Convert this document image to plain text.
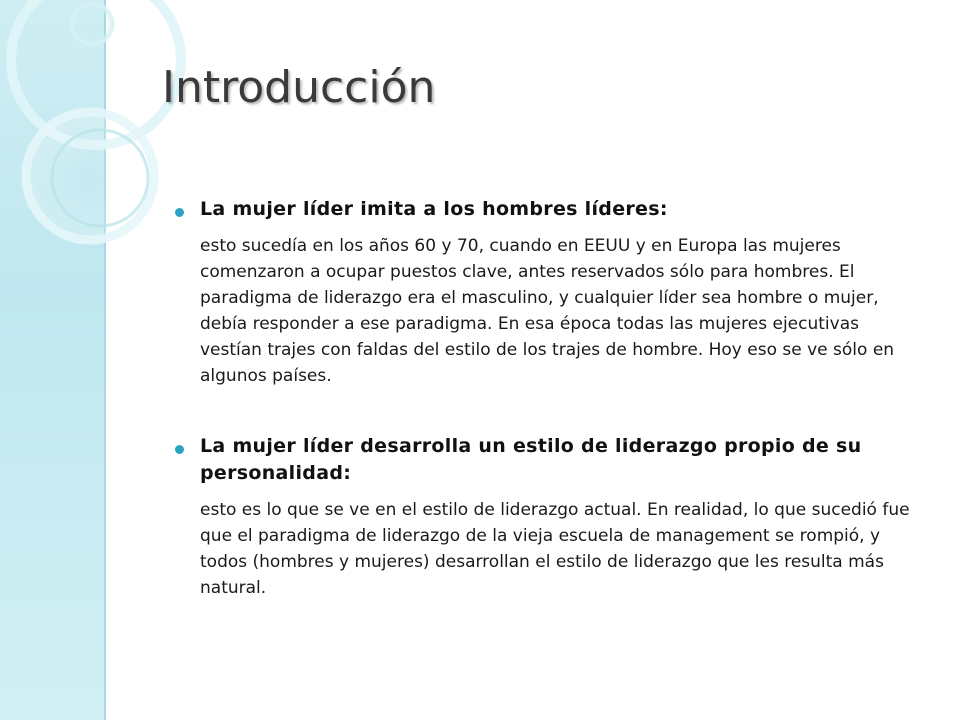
Introducción

La mujer líder imita a los hombres líderes:

esto sucedía en los años 60 y 70, cuando en EEUU y en Europa las mujeres comenzaron a ocupar puestos clave, antes reservados sólo para hombres. El paradigma de liderazgo era el masculino, y cualquier líder sea hombre o mujer, debía responder a ese paradigma. En esa época todas las mujeres ejecutivas vestían trajes con faldas del estilo de los trajes de hombre. Hoy eso se ve sólo en algunos países.

La mujer líder desarrolla un estilo de liderazgo propio de su personalidad:

esto es lo que se ve en el estilo de liderazgo actual. En realidad, lo que sucedió fue que el paradigma de liderazgo de la vieja escuela de management se rompió, y todos (hombres y mujeres) desarrollan el estilo de liderazgo que les resulta más natural.
